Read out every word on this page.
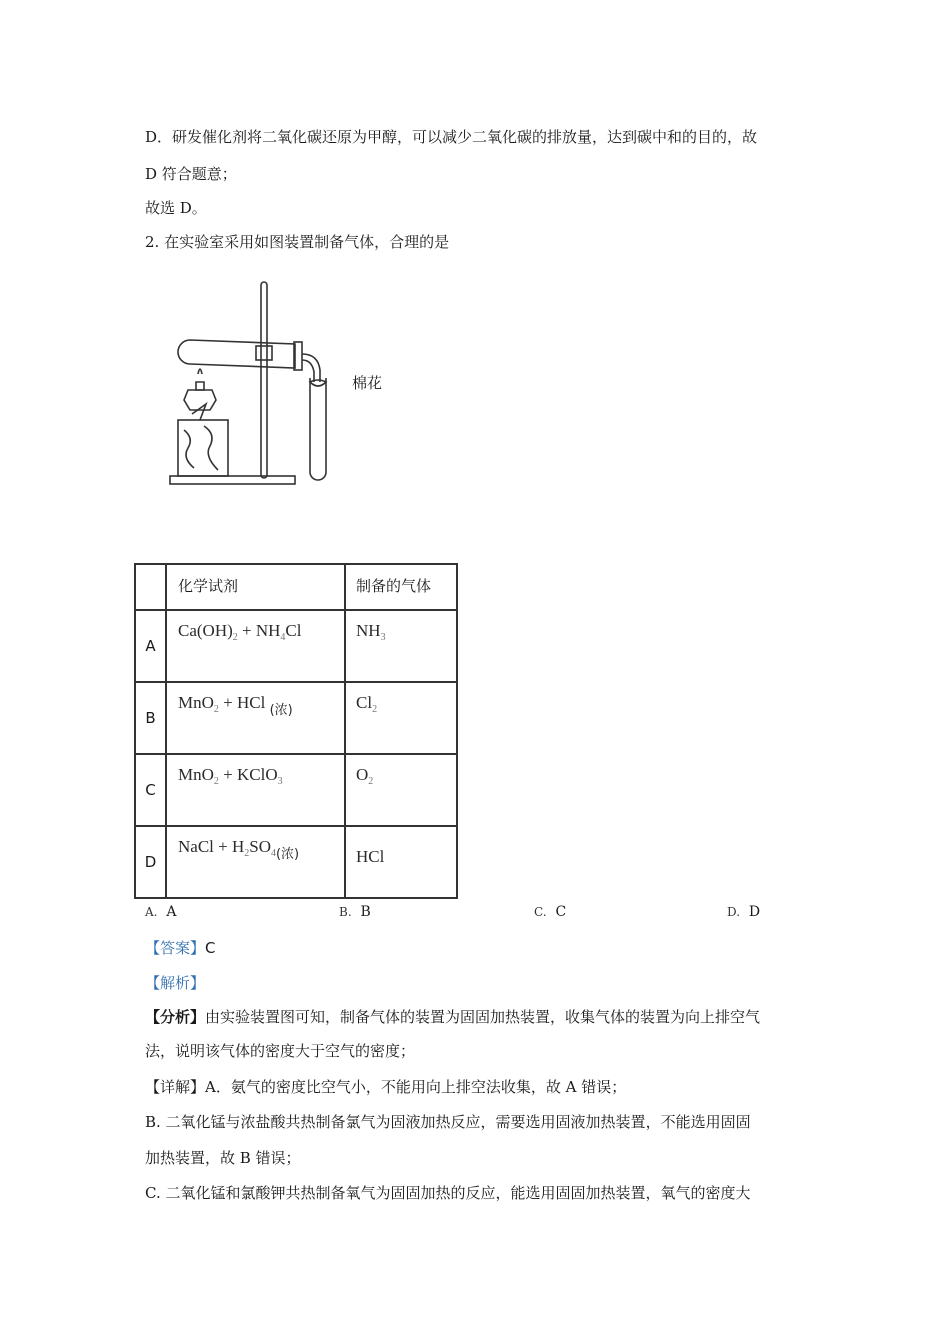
D．研发催化剂将二氧化碳还原为甲醇，可以减少二氧化碳的排放量，达到碳中和的目的，故
D 符合题意；
故选 D。
2. 在实验室采用如图装置制备气体，合理的是
棉花
	化学试剂	制备的气体
A	$Ca(OH)_2 + NH_4Cl$	$NH_3$
B	MnO$_2$ + HCl $_{(浓)}$	$Cl_2$
C	MnO$_2$ + KClO$_3$	$O_2$
D	NaCl + $H_2SO_{4(浓)}$	HCl
A. A	B. B	C. C	D. D
【答案】C
【解析】
【分析】由实验装置图可知，制备气体的装置为固固加热装置，收集气体的装置为向上排空气
法，说明该气体的密度大于空气的密度；
【详解】A．氨气的密度比空气小，不能用向上排空法收集，故 A 错误；
B. 二氧化锰与浓盐酸共热制备氯气为固液加热反应，需要选用固液加热装置，不能选用固固
加热装置，故 B 错误；
C. 二氧化锰和氯酸钾共热制备氧气为固固加热的反应，能选用固固加热装置，氧气的密度大
